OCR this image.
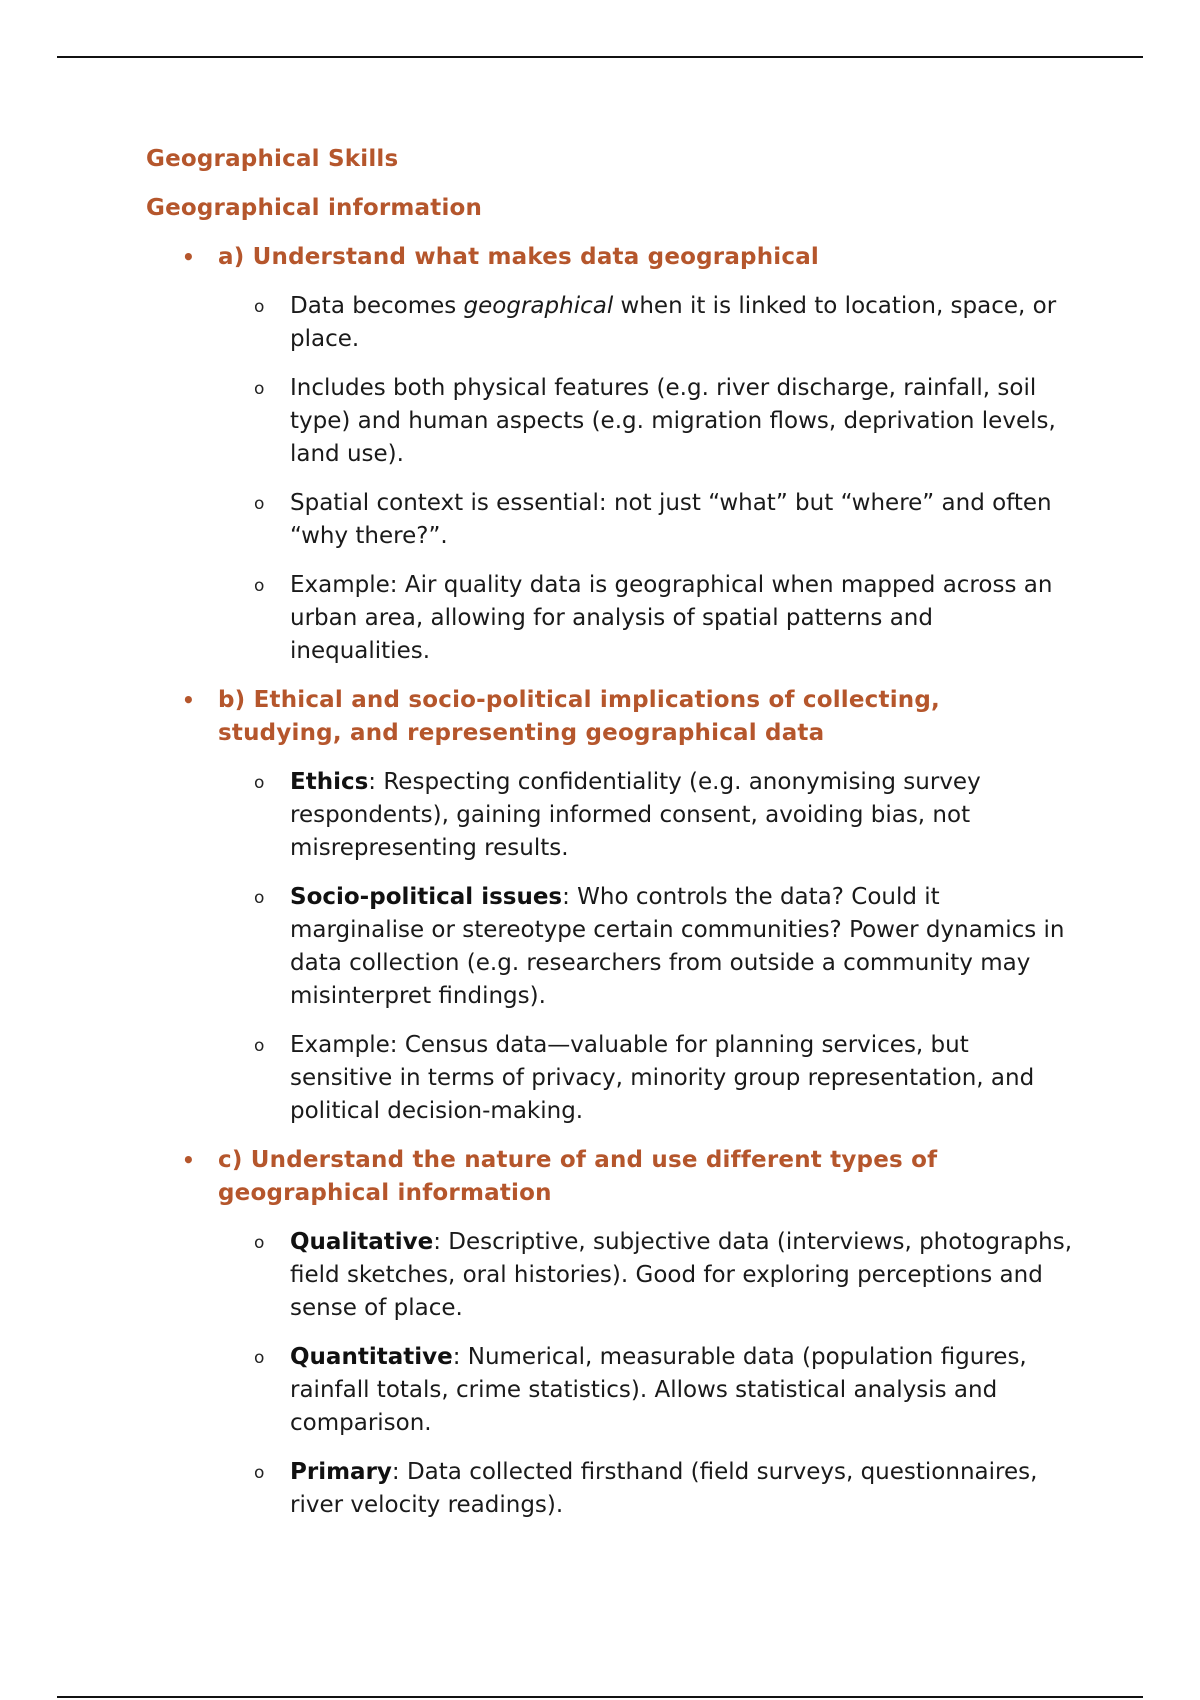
Geographical Skills
Geographical information
• a) Understand what makes data geographical
o Data becomes geographical when it is linked to location, space, or place.
o Includes both physical features (e.g. river discharge, rainfall, soil type) and human aspects (e.g. migration flows, deprivation levels, land use).
o Spatial context is essential: not just “what” but “where” and often “why there?”.
o Example: Air quality data is geographical when mapped across an urban area, allowing for analysis of spatial patterns and inequalities.
• b) Ethical and socio-political implications of collecting, studying, and representing geographical data
o Ethics: Respecting confidentiality (e.g. anonymising survey respondents), gaining informed consent, avoiding bias, not misrepresenting results.
o Socio-political issues: Who controls the data? Could it marginalise or stereotype certain communities? Power dynamics in data collection (e.g. researchers from outside a community may misinterpret findings).
o Example: Census data—valuable for planning services, but sensitive in terms of privacy, minority group representation, and political decision-making.
• c) Understand the nature of and use different types of geographical information
o Qualitative: Descriptive, subjective data (interviews, photographs, field sketches, oral histories). Good for exploring perceptions and sense of place.
o Quantitative: Numerical, measurable data (population figures, rainfall totals, crime statistics). Allows statistical analysis and comparison.
o Primary: Data collected firsthand (field surveys, questionnaires, river velocity readings).
